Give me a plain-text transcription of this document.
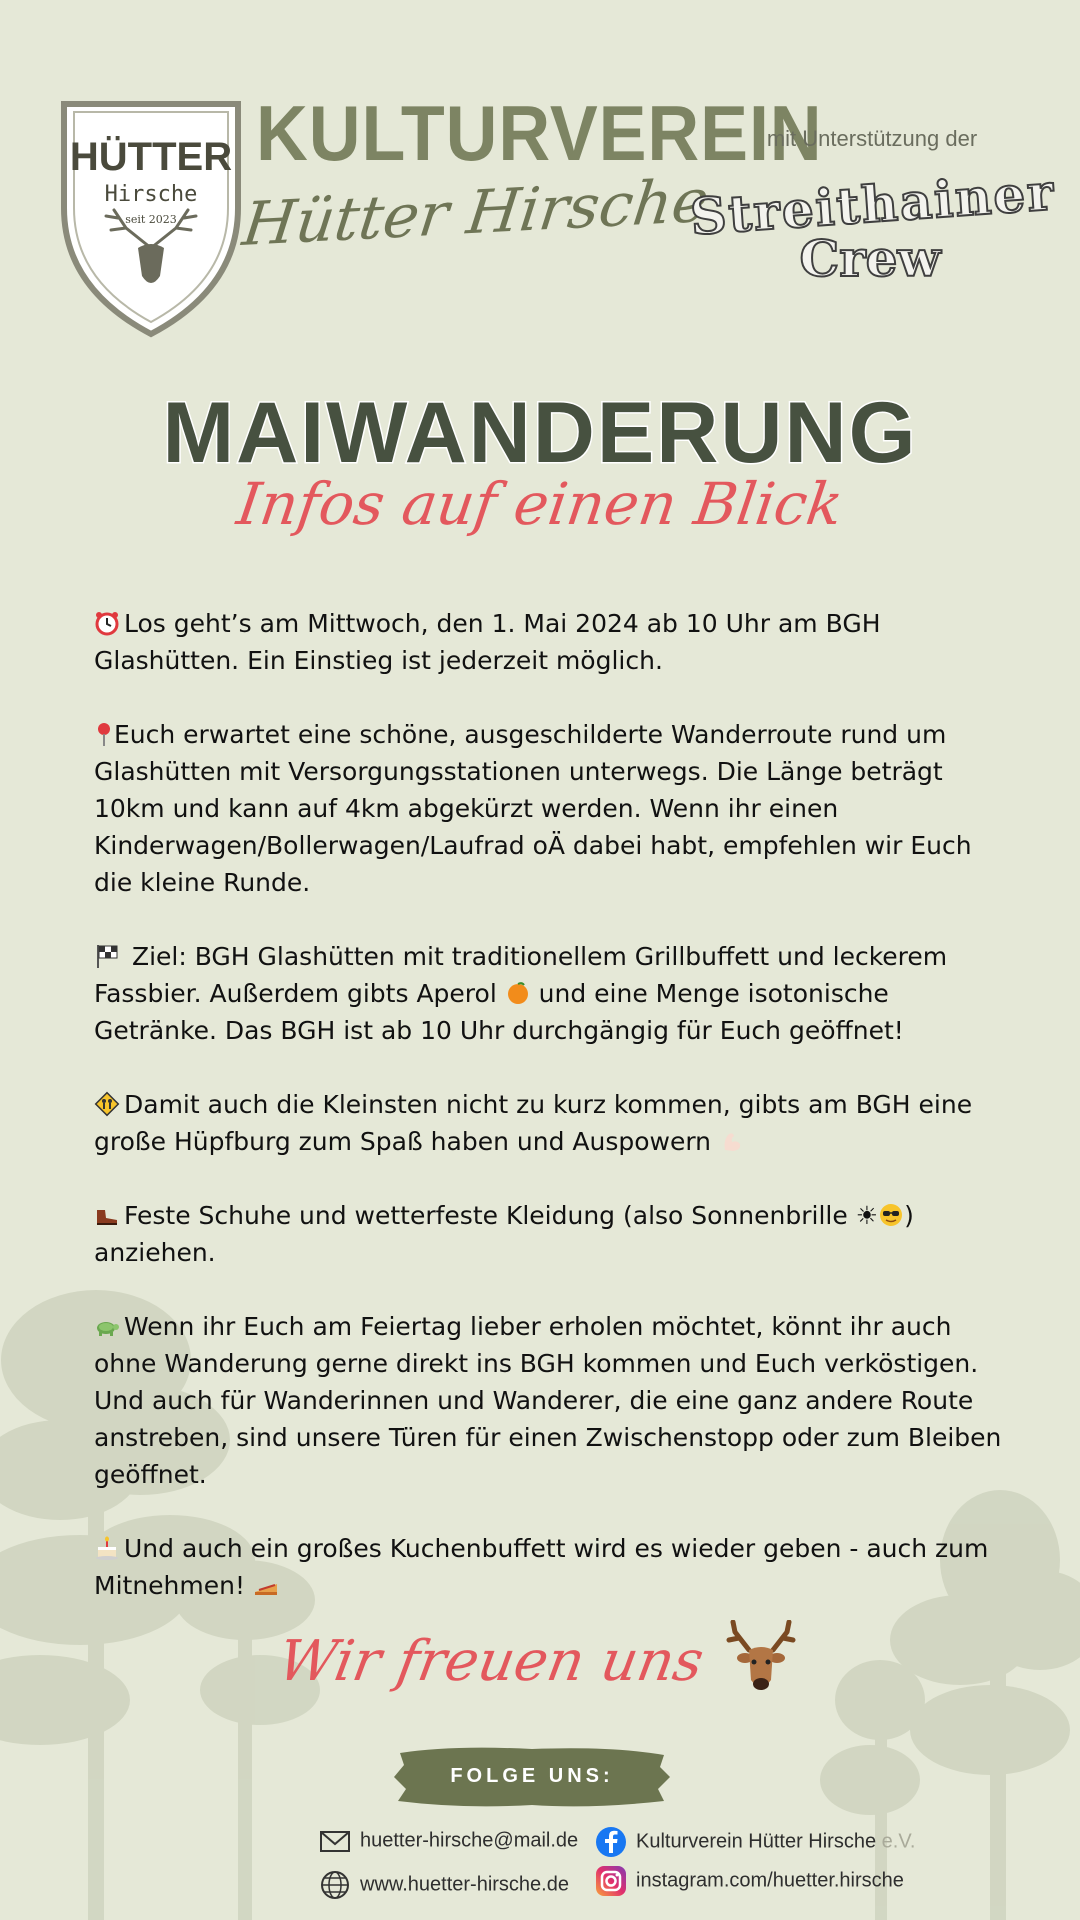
HÜTTER
Hirsche
seit 2023
KULTURVEREIN
Hütter Hirsche
mit Unterstützung der
Streithainer
Crew
MAIWANDERUNG
Infos auf einen Blick

Los geht’s am Mittwoch, den 1. Mai 2024 ab 10 Uhr am BGH Glashütten. Ein Einstieg ist jederzeit möglich.

Euch erwartet eine schöne, ausgeschilderte Wanderroute rund um Glashütten mit Versorgungsstationen unterwegs. Die Länge beträgt 10km und kann auf 4km abgekürzt werden. Wenn ihr einen Kinderwagen/Bollerwagen/Laufrad oÄ dabei habt, empfehlen wir Euch die kleine Runde.

Ziel: BGH Glashütten mit traditionellem Grillbuffett und leckerem Fassbier. Außerdem gibts Aperol  und eine Menge isotonische Getränke. Das BGH ist ab 10 Uhr durchgängig für Euch geöffnet!

Damit auch die Kleinsten nicht zu kurz kommen, gibts am BGH eine große Hüpfburg zum Spaß haben und Auspowern

Feste Schuhe und wetterfeste Kleidung (also Sonnenbrille ☀ ) anziehen.

Wenn ihr Euch am Feiertag lieber erholen möchtet, könnt ihr auch ohne Wanderung gerne direkt ins BGH kommen und Euch verköstigen. Und auch für Wanderinnen und Wanderer, die eine ganz andere Route anstreben, sind unsere Türen für einen Zwischenstopp oder zum Bleiben geöffnet.

Und auch ein großes Kuchenbuffett wird es wieder geben - auch zum Mitnehmen!

Wir freuen uns
FOLGE UNS:
huetter-hirsche@mail.de
www.huetter-hirsche.de
Kulturverein Hütter Hirsche e.V.
instagram.com/huetter.hirsche
